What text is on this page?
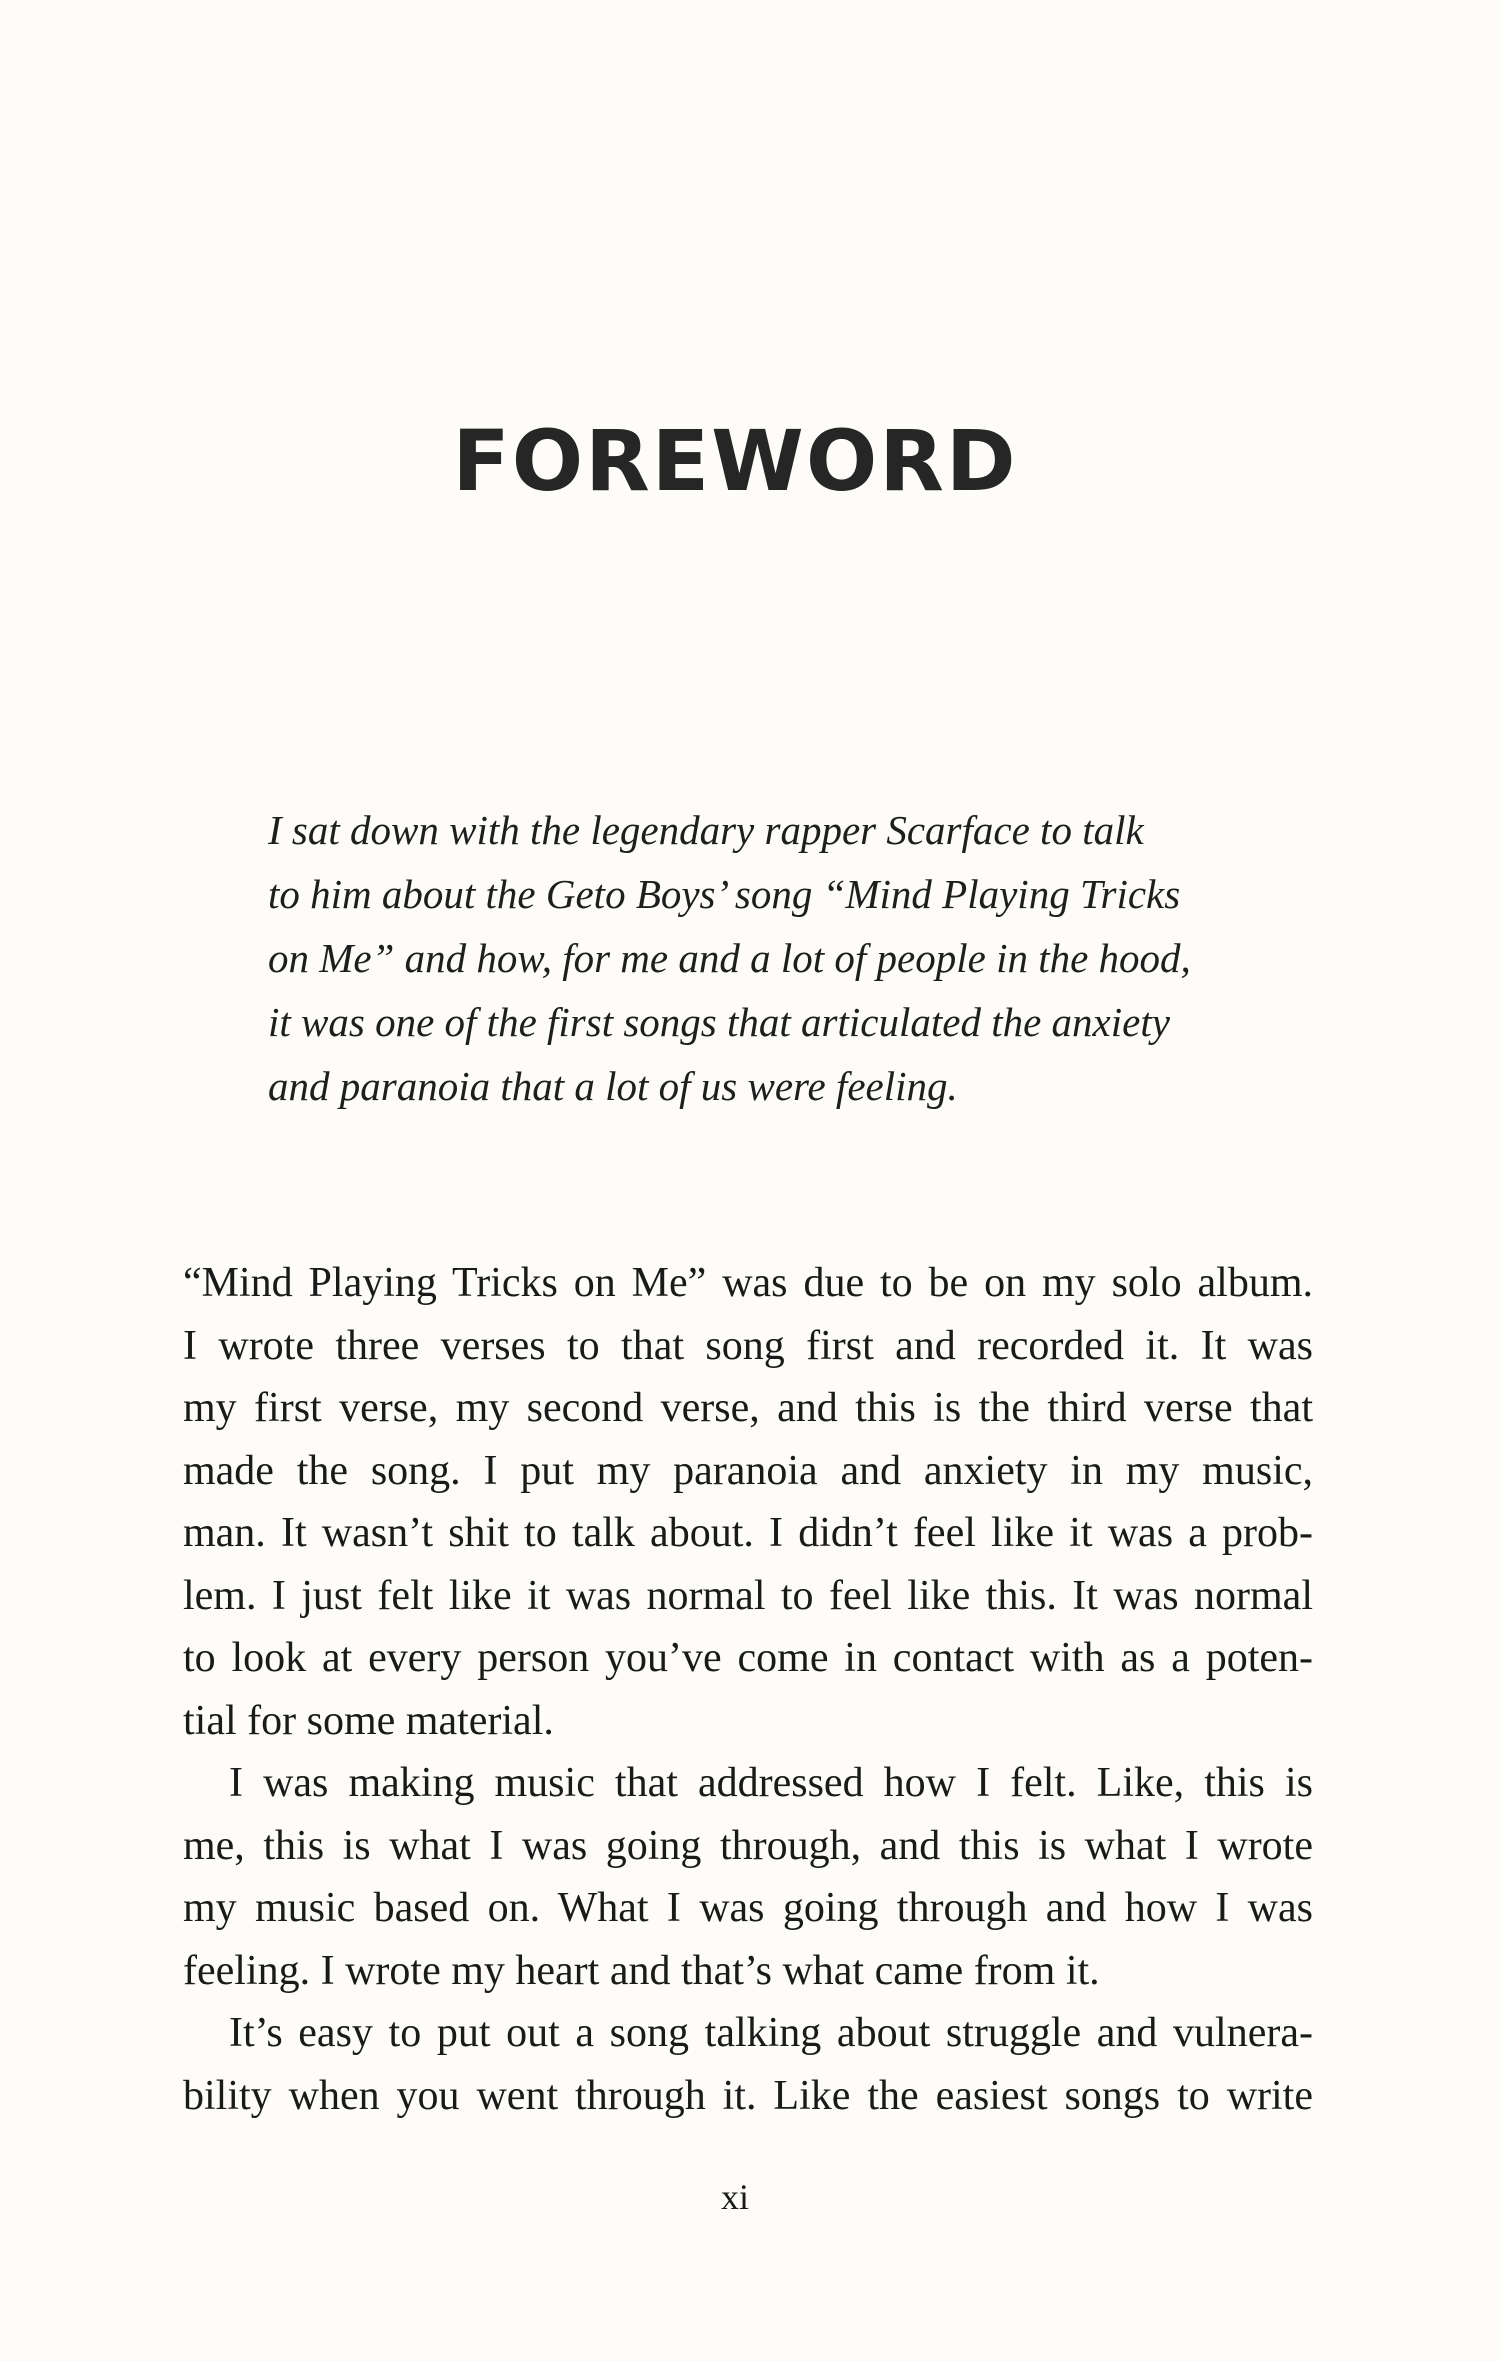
FOREWORD
I sat down with the legendary rapper Scarface to talk
to him about the Geto Boys’ song “Mind Playing Tricks
on Me” and how, for me and a lot of people in the hood,
it was one of the first songs that articulated the anxiety
and paranoia that a lot of us were feeling.
“Mind Playing Tricks on Me” was due to be on my solo album.
I wrote three verses to that song first and recorded it. It was
my first verse, my second verse, and this is the third verse that
made the song. I put my paranoia and anxiety in my music,
man. It wasn’t shit to talk about. I didn’t feel like it was a prob-
lem. I just felt like it was normal to feel like this. It was normal
to look at every person you’ve come in contact with as a poten-
tial for some material.
I was making music that addressed how I felt. Like, this is
me, this is what I was going through, and this is what I wrote
my music based on. What I was going through and how I was
feeling. I wrote my heart and that’s what came from it.
It’s easy to put out a song talking about struggle and vulnera-
bility when you went through it. Like the easiest songs to write
xi
